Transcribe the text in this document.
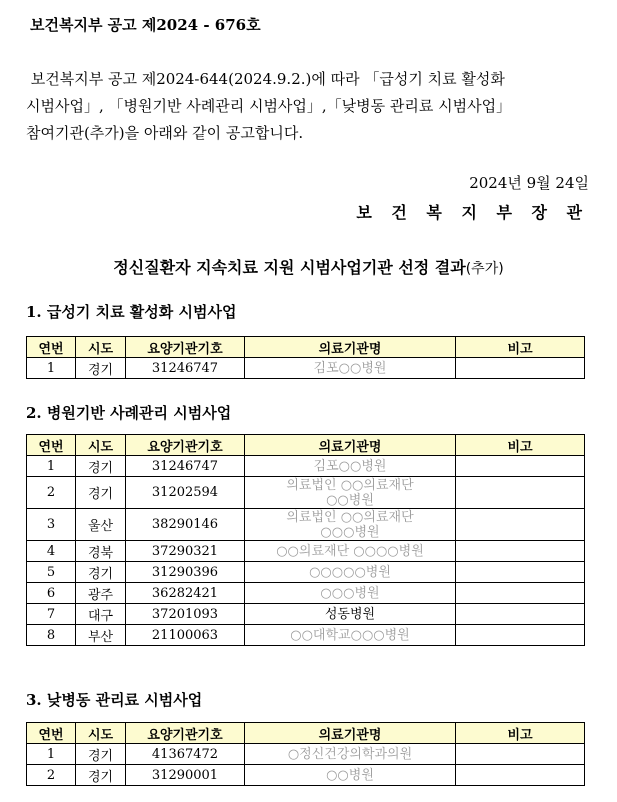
보건복지부 공고 제2024 - 676호

보건복지부 공고 제2024-644(2024.9.2.)에 따라 「급성기 치료 활성화

시범사업」, 「병원기반 사례관리 시범사업」,「낮병동 관리료 시범사업」

참여기관(추가)을 아래와 같이 공고합니다.

2024년 9월 24일
보 건 복 지 부 장 관
정신질환자 지속치료 지원 시범사업기관 선정 결과(추가)
1. 급성기 치료 활성화 시범사업
연번	시도	요양기관기호	의료기관명	비고
1	경기	31246747	김포○○병원	
2. 병원기반 사례관리 시범사업
연번	시도	요양기관기호	의료기관명	비고
1	경기	31246747	김포○○병원	
2	경기	31202594	의료법인 ○○의료재단
○○병원	
3	울산	38290146	의료법인 ○○의료재단
○○○병원	
4	경북	37290321	○○의료재단 ○○○○병원	
5	경기	31290396	○○○○○병원	
6	광주	36282421	○○○병원	
7	대구	37201093	성동병원	
8	부산	21100063	○○대학교○○○병원	
3. 낮병동 관리료 시범사업
연번	시도	요양기관기호	의료기관명	비고
1	경기	41367472	○정신건강의학과의원	
2	경기	31290001	○○병원	
